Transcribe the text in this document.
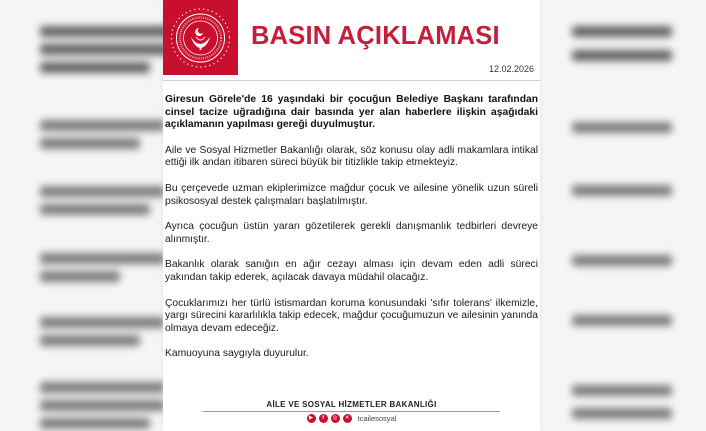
BASIN AÇIKLAMASI
12.02.2026

Giresun Görele'de 16 yaşındaki bir çocuğun Belediye Başkanı tarafından cinsel tacize uğradığına dair basında yer alan haberlere ilişkin aşağıdaki açıklamanın yapılması gereği duyulmuştur.

Aile ve Sosyal Hizmetler Bakanlığı olarak, söz konusu olay adli makamlara intikal ettiği ilk andan itibaren süreci büyük bir titizlikle takip etmekteyiz.

Bu çerçevede uzman ekiplerimizce mağdur çocuk ve ailesine yönelik uzun süreli psikososyal destek çalışmaları başlatılmıştır.

Ayrıca çocuğun üstün yararı gözetilerek gerekli danışmanlık tedbirleri devreye alınmıştır.

Bakanlık olarak sanığın en ağır cezayı alması için devam eden adli süreci yakından takip ederek, açılacak davaya müdahil olacağız.

Çocuklarımızı her türlü istismardan koruma konusundaki 'sıfır tolerans' ilkemizle, yargı sürecini kararlılıkla takip edecek, mağdur çocuğumuzun ve ailesinin yanında olmaya devam edeceğiz.

Kamuoyuna saygıyla duyurulur.

AİLE VE SOSYAL HİZMETLER BAKANLIĞI
▶	f	◎	✕ tcailesosyal
